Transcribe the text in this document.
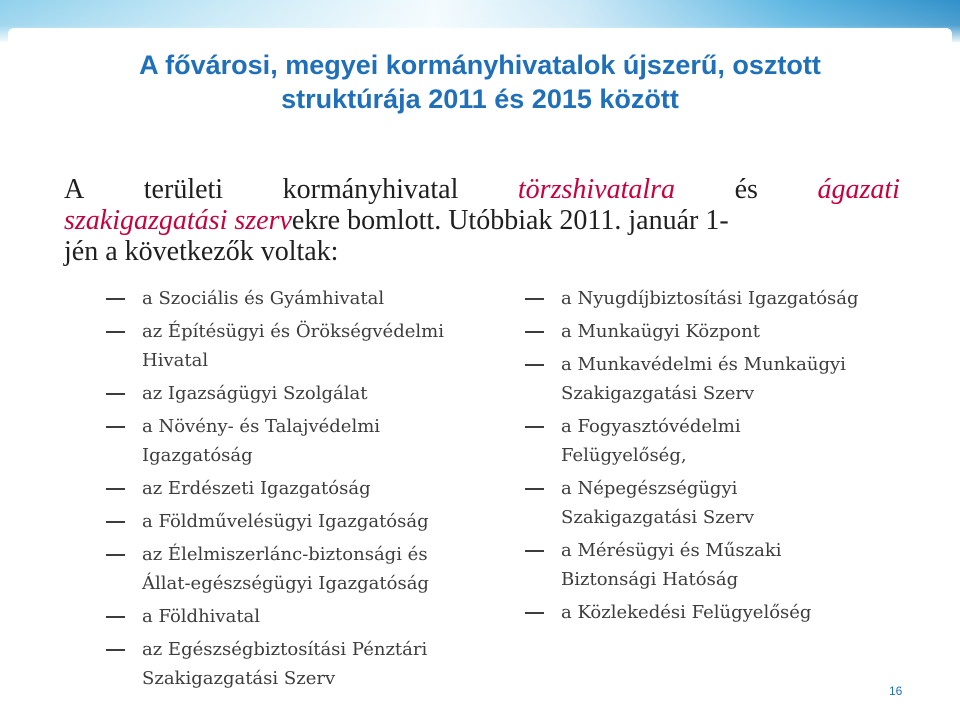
A fővárosi, megyei kormányhivatalok újszerű, osztott
struktúrája 2011 és 2015 között
A területi kormányhivatal törzshivatalra és ágazati
szakigazgatási szervekre bomlott. Utóbbiak 2011. január 1-
jén a következők voltak:
a Szociális és Gyámhivatal
az Építésügyi és Örökségvédelmi
Hivatal
az Igazságügyi Szolgálat
a Növény- és Talajvédelmi
Igazgatóság
az Erdészeti Igazgatóság
a Földművelésügyi Igazgatóság
az Élelmiszerlánc-biztonsági és
Állat-egészségügyi Igazgatóság
a Földhivatal
az Egészségbiztosítási Pénztári
Szakigazgatási Szerv
a Nyugdíjbiztosítási Igazgatóság
a Munkaügyi Központ
a Munkavédelmi és Munkaügyi
Szakigazgatási Szerv
a Fogyasztóvédelmi
Felügyelőség,
a Népegészségügyi
Szakigazgatási Szerv
a Mérésügyi és Műszaki
Biztonsági Hatóság
a Közlekedési Felügyelőség
16
